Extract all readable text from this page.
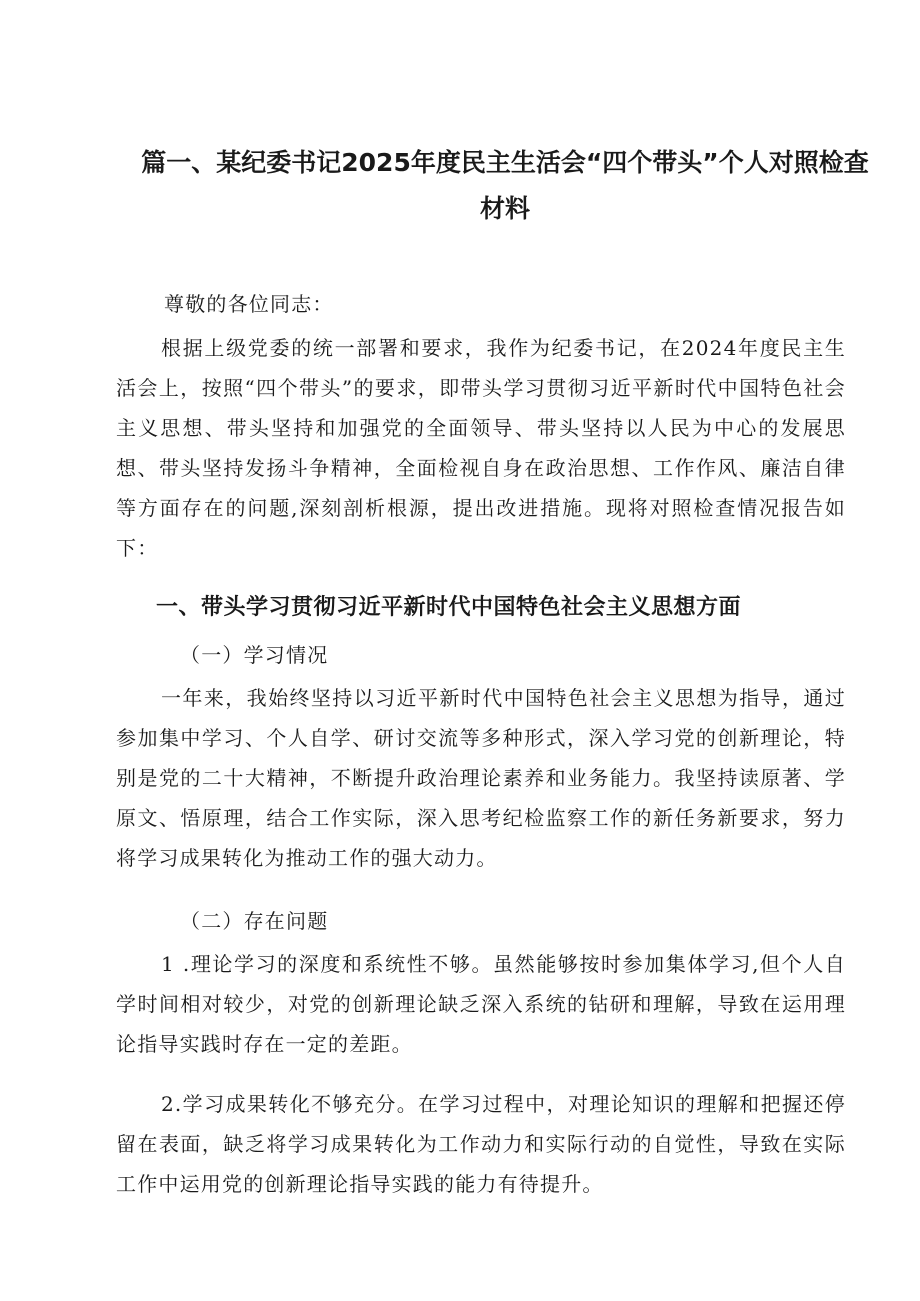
篇一、某纪委书记2025年度民主生活会“四个带头”个人对照检查
材料

尊敬的各位同志：

根据上级党委的统一部署和要求，我作为纪委书记，在2024年度民主生活会上，按照“四个带头”的要求，即带头学习贯彻习近平新时代中国特色社会主义思想、带头坚持和加强党的全面领导、带头坚持以人民为中心的发展思想、带头坚持发扬斗争精神，全面检视自身在政治思想、工作作风、廉洁自律等方面存在的问题,深刻剖析根源，提出改进措施。现将对照检查情况报告如下：

一、带头学习贯彻习近平新时代中国特色社会主义思想方面

（一）学习情况

一年来，我始终坚持以习近平新时代中国特色社会主义思想为指导，通过参加集中学习、个人自学、研讨交流等多种形式，深入学习党的创新理论，特别是党的二十大精神，不断提升政治理论素养和业务能力。我坚持读原著、学原文、悟原理，结合工作实际，深入思考纪检监察工作的新任务新要求，努力将学习成果转化为推动工作的强大动力。

（二）存在问题

1 .理论学习的深度和系统性不够。虽然能够按时参加集体学习,但个人自学时间相对较少，对党的创新理论缺乏深入系统的钻研和理解，导致在运用理论指导实践时存在一定的差距。

2.学习成果转化不够充分。在学习过程中，对理论知识的理解和把握还停留在表面，缺乏将学习成果转化为工作动力和实际行动的自觉性，导致在实际工作中运用党的创新理论指导实践的能力有待提升。
